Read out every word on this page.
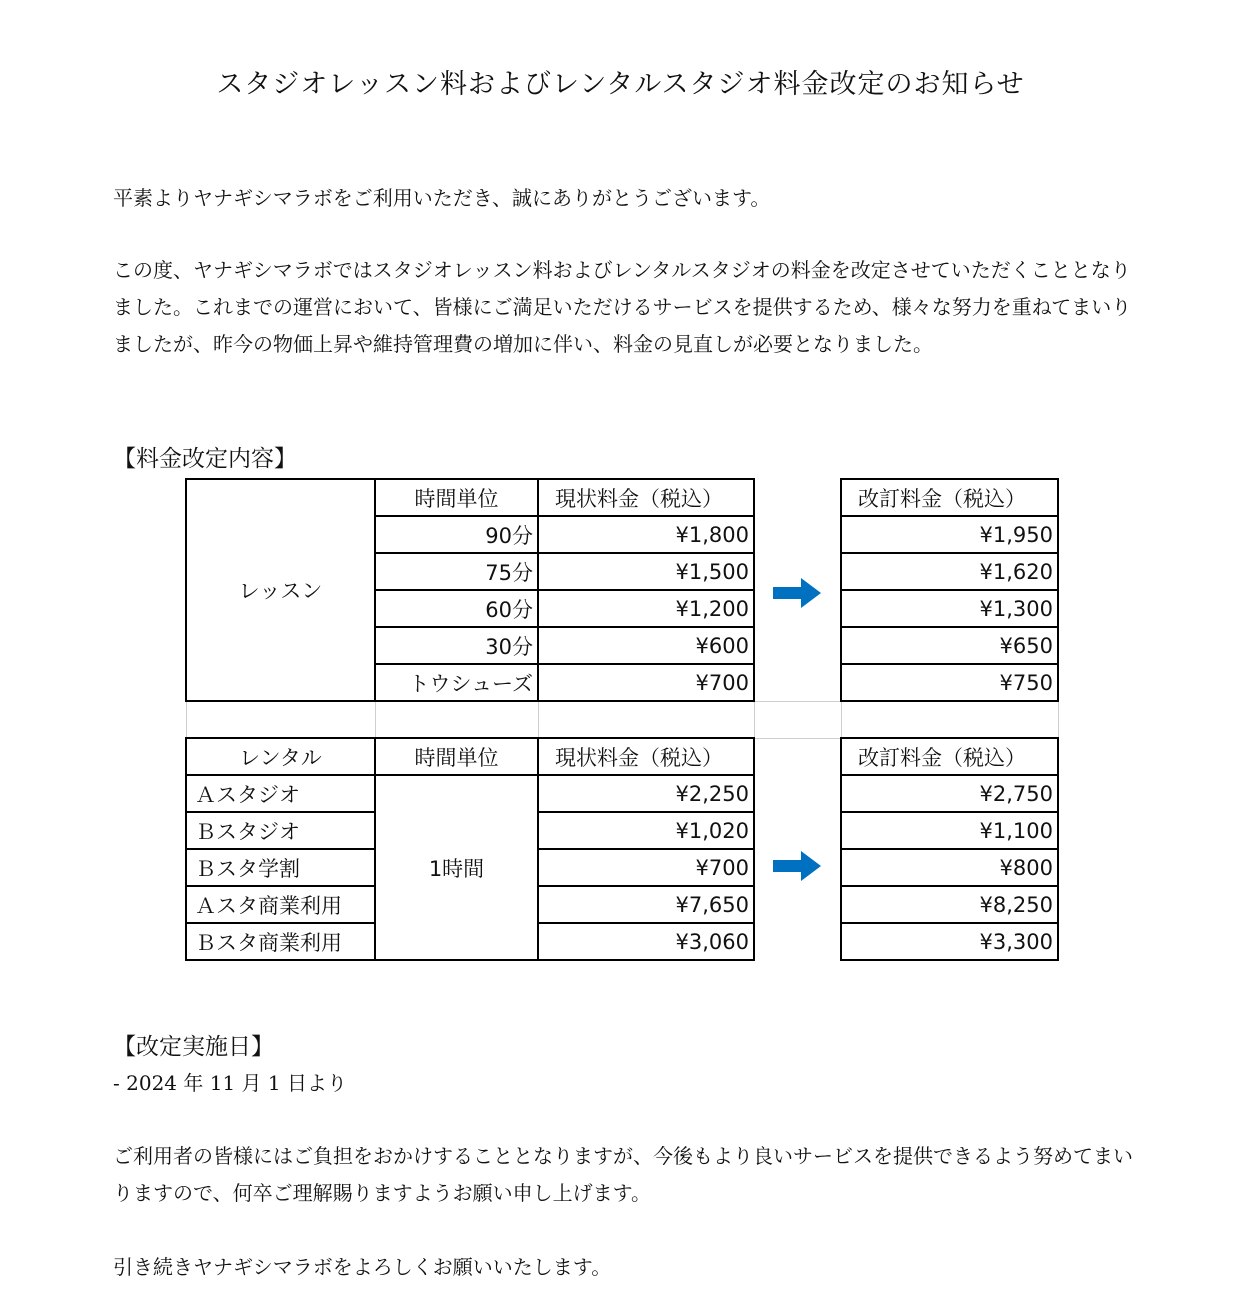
スタジオレッスン料およびレンタルスタジオ料金改定のお知らせ

平素よりヤナギシマラボをご利用いただき、誠にありがとうございます。

この度、ヤナギシマラボではスタジオレッスン料およびレンタルスタジオの料金を改定させていただくこととなりました。これまでの運営において、皆様にご満足いただけるサービスを提供するため、様々な努力を重ねてまいりましたが、昨今の物価上昇や維持管理費の増加に伴い、料金の見直しが必要となりました。

【料金改定内容】
レッスン	時間単位	現状料金（税込）		改訂料金（税込）
	90分	¥1,800		¥1,950
	75分	¥1,500		¥1,620
	60分	¥1,200		¥1,300
	30分	¥600		¥650
	トウシューズ	¥700		¥750

レンタル	時間単位	現状料金（税込）		改訂料金（税込）
Ａスタジオ	1時間	¥2,250		¥2,750
Ｂスタジオ		¥1,020		¥1,100
Ｂスタ学割		¥700		¥800
Ａスタ商業利用		¥7,650		¥8,250
Ｂスタ商業利用		¥3,060		¥3,300
【改定実施日】

- 2024 年 11 月 1 日より

ご利用者の皆様にはご負担をおかけすることとなりますが、今後もより良いサービスを提供できるよう努めてまいりますので、何卒ご理解賜りますようお願い申し上げます。

引き続きヤナギシマラボをよろしくお願いいたします。
